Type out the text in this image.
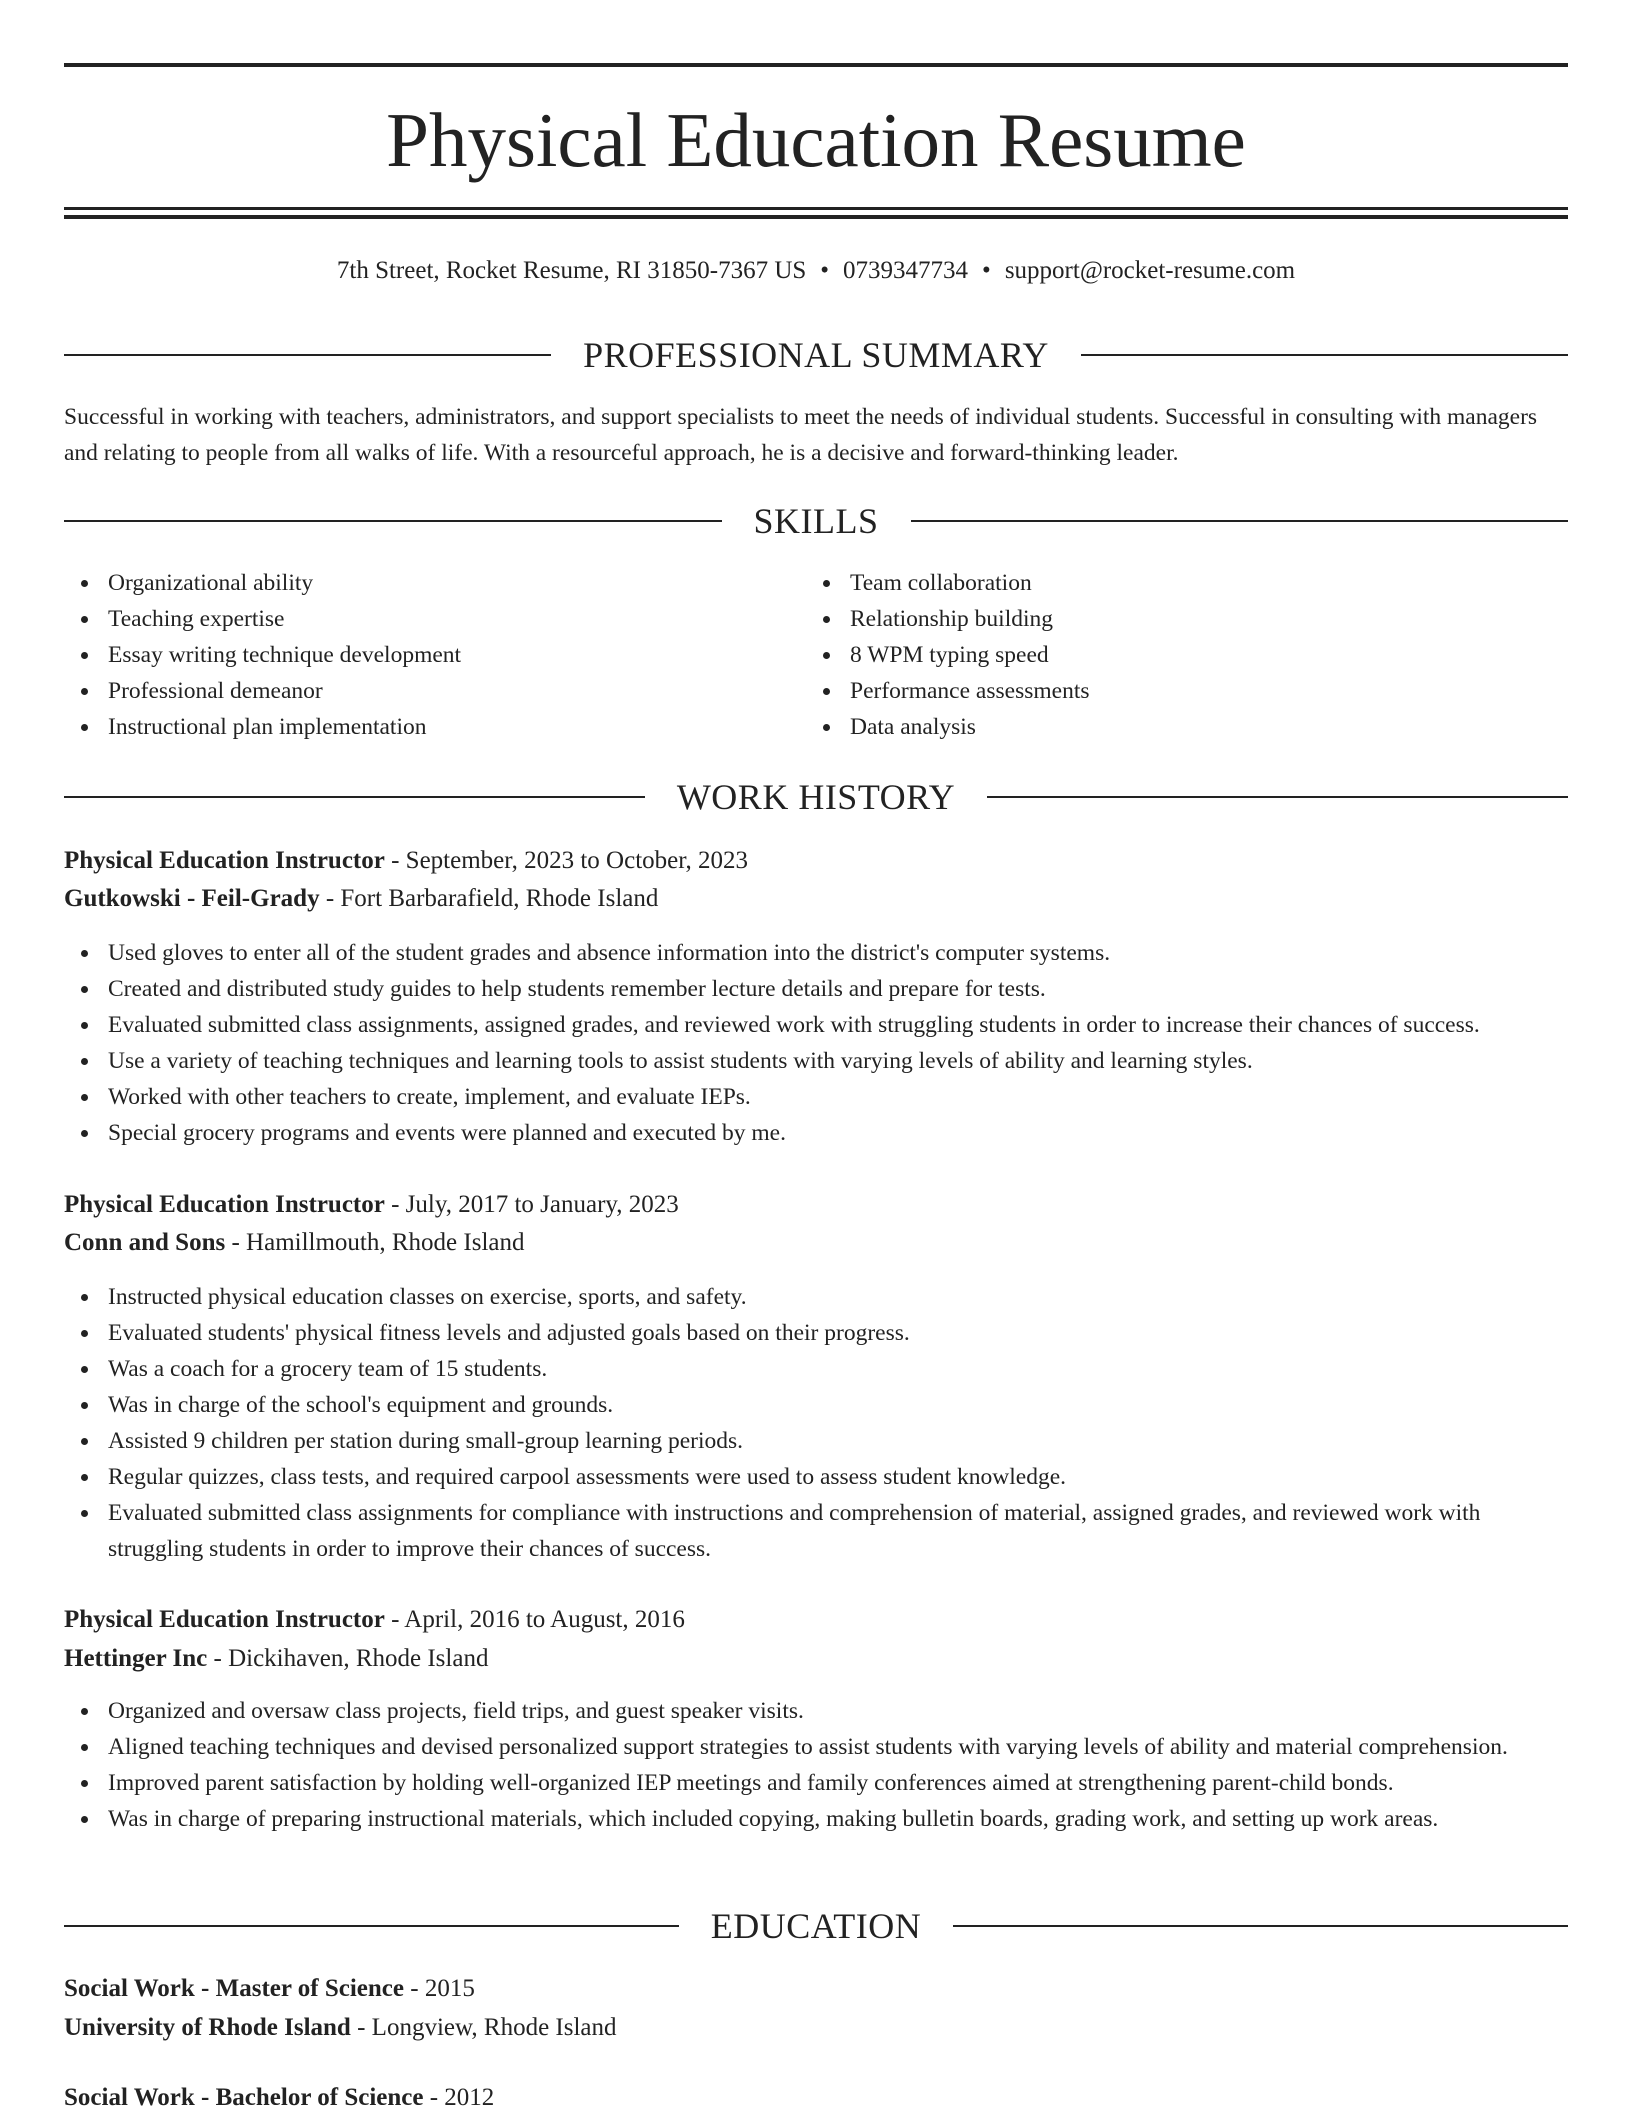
Physical Education Resume
7th Street, Rocket Resume, RI 31850-7367 US • 0739347734 • support@rocket-resume.com
PROFESSIONAL SUMMARY

Successful in working with teachers, administrators, and support specialists to meet the needs of individual students. Successful in consulting with managers and relating to people from all walks of life. With a resourceful approach, he is a decisive and forward-thinking leader.

SKILLS
Organizational ability
Teaching expertise
Essay writing technique development
Professional demeanor
Instructional plan implementation
Team collaboration
Relationship building
8 WPM typing speed
Performance assessments
Data analysis
WORK HISTORY
Physical Education Instructor - September, 2023 to October, 2023
Gutkowski - Feil-Grady - Fort Barbarafield, Rhode Island
Used gloves to enter all of the student grades and absence information into the district's computer systems.
Created and distributed study guides to help students remember lecture details and prepare for tests.
Evaluated submitted class assignments, assigned grades, and reviewed work with struggling students in order to increase their chances of success.
Use a variety of teaching techniques and learning tools to assist students with varying levels of ability and learning styles.
Worked with other teachers to create, implement, and evaluate IEPs.
Special grocery programs and events were planned and executed by me.
Physical Education Instructor - July, 2017 to January, 2023
Conn and Sons - Hamillmouth, Rhode Island
Instructed physical education classes on exercise, sports, and safety.
Evaluated students' physical fitness levels and adjusted goals based on their progress.
Was a coach for a grocery team of 15 students.
Was in charge of the school's equipment and grounds.
Assisted 9 children per station during small-group learning periods.
Regular quizzes, class tests, and required carpool assessments were used to assess student knowledge.
Evaluated submitted class assignments for compliance with instructions and comprehension of material, assigned grades, and reviewed work with struggling students in order to improve their chances of success.
Physical Education Instructor - April, 2016 to August, 2016
Hettinger Inc - Dickihaven, Rhode Island
Organized and oversaw class projects, field trips, and guest speaker visits.
Aligned teaching techniques and devised personalized support strategies to assist students with varying levels of ability and material comprehension.
Improved parent satisfaction by holding well-organized IEP meetings and family conferences aimed at strengthening parent-child bonds.
Was in charge of preparing instructional materials, which included copying, making bulletin boards, grading work, and setting up work areas.
EDUCATION
Social Work - Master of Science - 2015
University of Rhode Island - Longview, Rhode Island
Social Work - Bachelor of Science - 2012
